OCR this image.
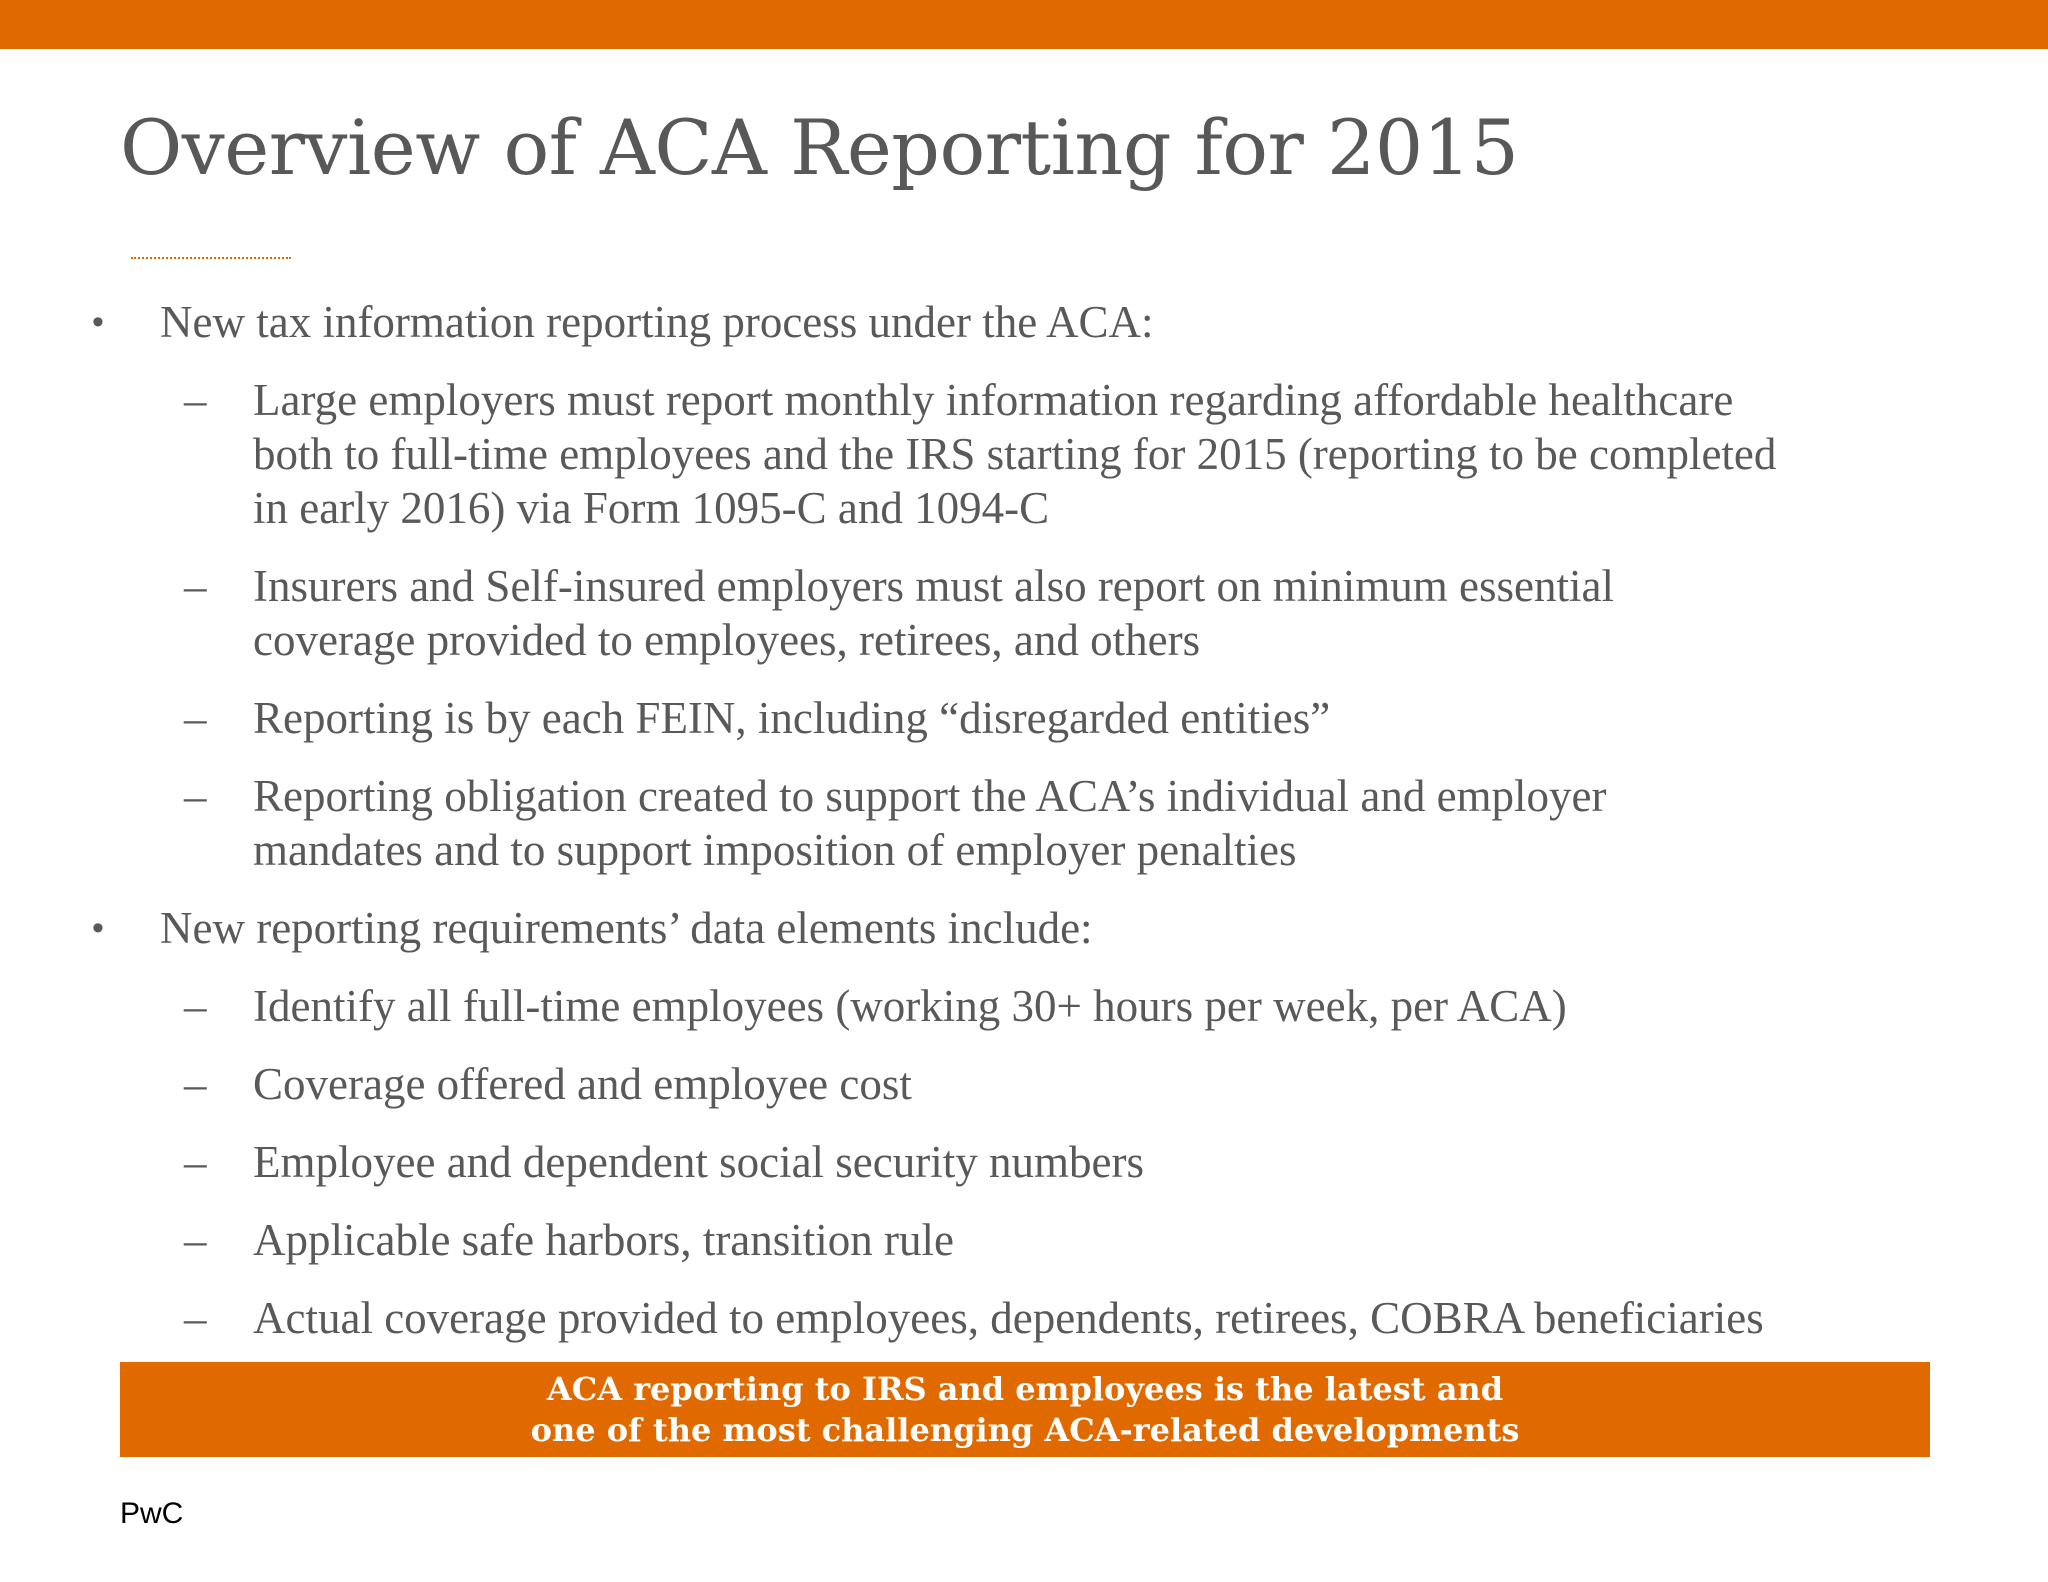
Overview of ACA Reporting for 2015
• New tax information reporting process under the ACA:
–	Large employers must report monthly information regarding affordable healthcare
both to full-time employees and the IRS starting for 2015 (reporting to be completed
in early 2016) via Form 1095-C and 1094-C
–	Insurers and Self-insured employers must also report on minimum essential
coverage provided to employees, retirees, and others
–	Reporting is by each FEIN, including “disregarded entities”
–	Reporting obligation created to support the ACA’s individual and employer
mandates and to support imposition of employer penalties
• New reporting requirements’ data elements include:
–	Identify all full-time employees (working 30+ hours per week, per ACA)
–	Coverage offered and employee cost
–	Employee and dependent social security numbers
–	Applicable safe harbors, transition rule
–	Actual coverage provided to employees, dependents, retirees, COBRA beneficiaries
ACA reporting to IRS and employees is the latest and
one of the most challenging ACA-related developments
PwC
